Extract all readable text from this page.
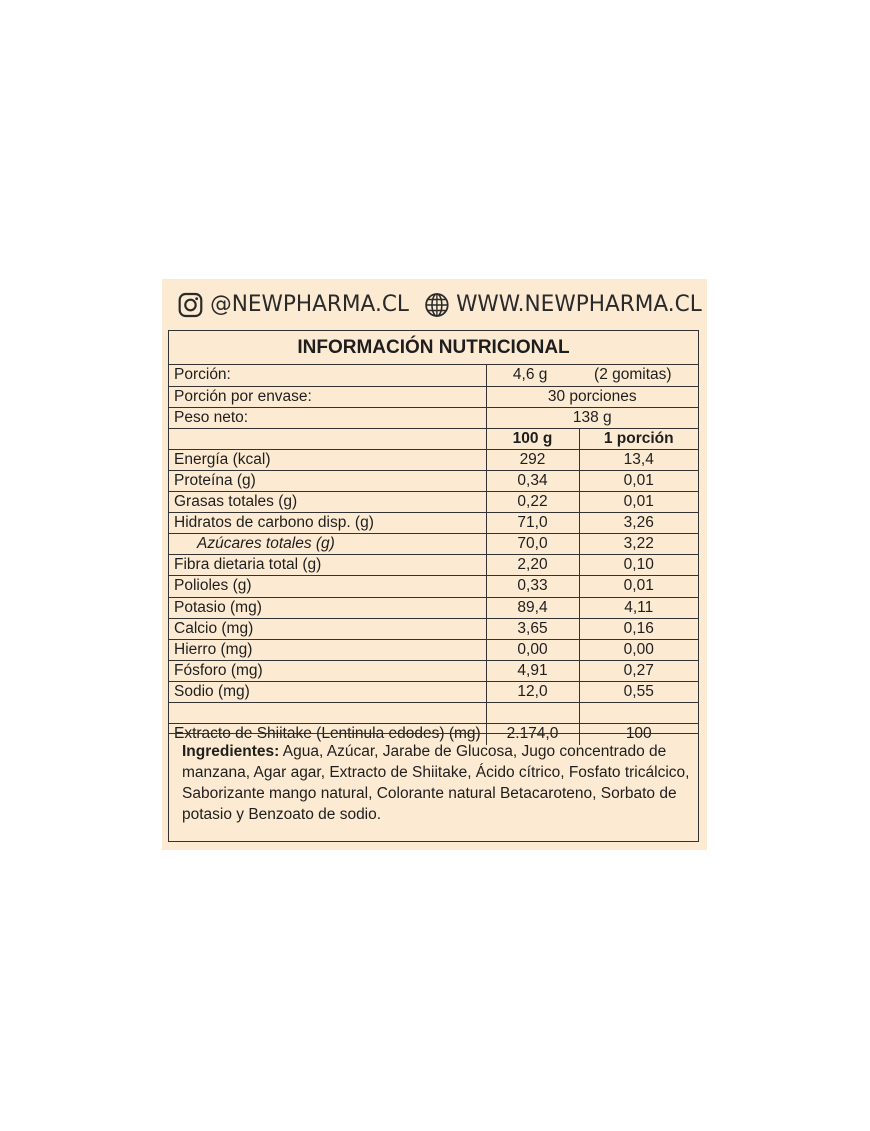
@NEWPHARMA.CL WWW.NEWPHARMA.CL
INFORMACIÓN NUTRICIONAL
Porción:	4,6 g (2 gomitas)	
Porción por envase:	30 porciones	
Peso neto:	138 g	
	100 g	1 porción
Energía (kcal)	292	13,4
Proteína (g)	0,34	0,01
Grasas totales (g)	0,22	0,01
Hidratos de carbono disp. (g)	71,0	3,26
Azúcares totales (g)	70,0	3,22
Fibra dietaria total (g)	2,20	0,10
Polioles (g)	0,33	0,01
Potasio (mg)	89,4	4,11
Calcio (mg)	3,65	0,16
Hierro (mg)	0,00	0,00
Fósforo (mg)	4,91	0,27
Sodio (mg)	12,0	0,55

Extracto de Shiitake (Lentinula edodes) (mg)	2.174,0	100
Ingredientes: Agua, Azúcar, Jarabe de Glucosa, Jugo concentrado de manzana, Agar agar, Extracto de Shiitake, Ácido cítrico, Fosfato tricálcico, Saborizante mango natural, Colorante natural Betacaroteno, Sorbato de potasio y Benzoato de sodio.
